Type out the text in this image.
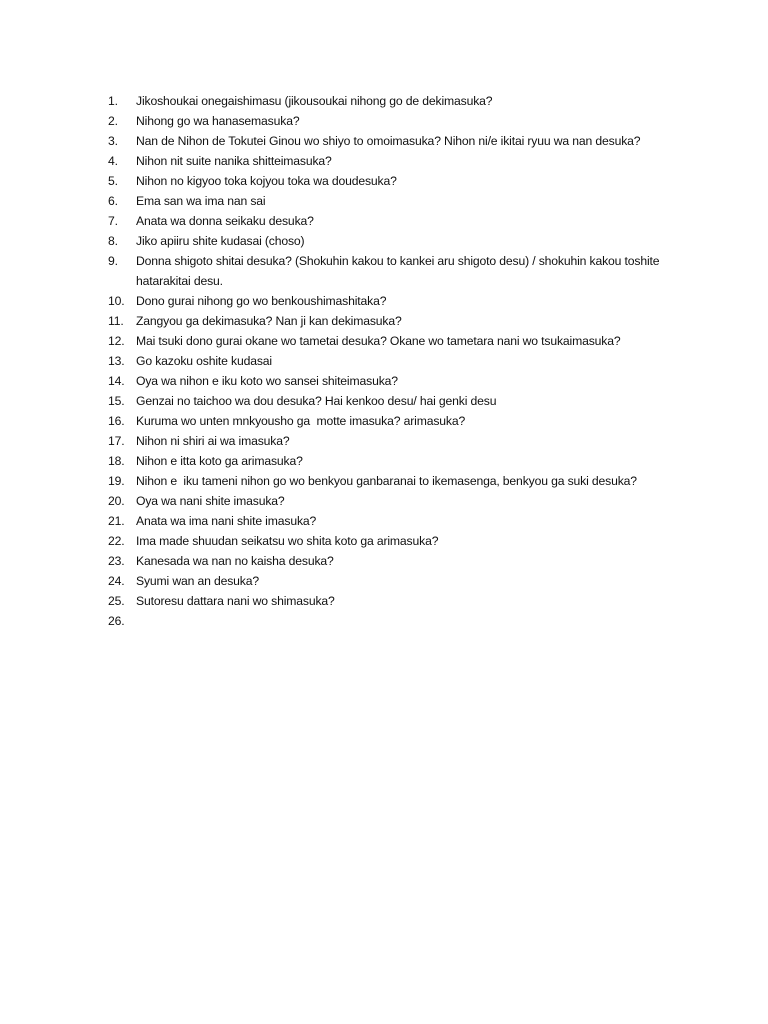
1. Jikoshoukai onegaishimasu (jikousoukai nihong go de dekimasuka?
2. Nihong go wa hanasemasuka?
3. Nan de Nihon de Tokutei Ginou wo shiyo to omoimasuka? Nihon ni/e ikitai ryuu wa nan desuka?
4. Nihon nit suite nanika shitteimasuka?
5. Nihon no kigyoo toka kojyou toka wa doudesuka?
6. Ema san wa ima nan sai
7. Anata wa donna seikaku desuka?
8. Jiko apiiru shite kudasai (choso)
9. Donna shigoto shitai desuka? (Shokuhin kakou to kankei aru shigoto desu) / shokuhin kakou toshite hatarakitai desu.
10. Dono gurai nihong go wo benkoushimashitaka?
11. Zangyou ga dekimasuka? Nan ji kan dekimasuka?
12. Mai tsuki dono gurai okane wo tametai desuka? Okane wo tametara nani wo tsukaimasuka?
13. Go kazoku oshite kudasai
14. Oya wa nihon e iku koto wo sansei shiteimasuka?
15. Genzai no taichoo wa dou desuka? Hai kenkoo desu/ hai genki desu
16. Kuruma wo unten mnkyousho ga  motte imasuka? arimasuka?
17. Nihon ni shiri ai wa imasuka?
18. Nihon e itta koto ga arimasuka?
19. Nihon e  iku tameni nihon go wo benkyou ganbaranai to ikemasenga, benkyou ga suki desuka?
20. Oya wa nani shite imasuka?
21. Anata wa ima nani shite imasuka?
22. Ima made shuudan seikatsu wo shita koto ga arimasuka?
23. Kanesada wa nan no kaisha desuka?
24. Syumi wan an desuka?
25. Sutoresu dattara nani wo shimasuka?
26.
